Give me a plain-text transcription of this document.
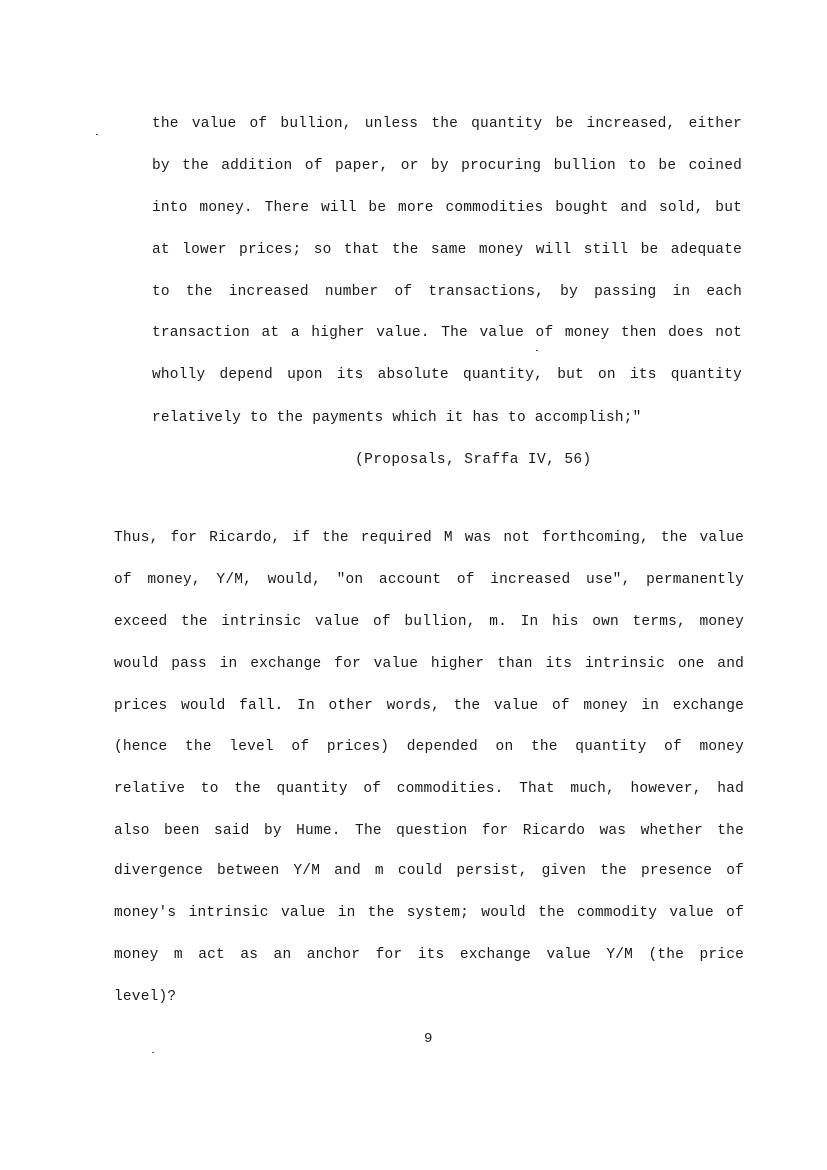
the value of bullion, unless the quantity be increased, either
by the addition of paper, or by procuring bullion to be coined
into money. There will be more commodities bought and sold, but
at lower prices; so that the same money will still be adequate
to the increased number of transactions, by passing in each
transaction at a higher value. The value of money then does not
wholly depend upon its absolute quantity, but on its quantity
relatively to the payments which it has to accomplish;"
(Proposals, Sraffa IV, 56)
Thus, for Ricardo, if the required M was not forthcoming, the value
of money, Y/M, would, "on account of increased use", permanently
exceed the intrinsic value of bullion, m. In his own terms, money
would pass in exchange for value higher than its intrinsic one and
prices would fall. In other words, the value of money in exchange
(hence the level of prices) depended on the quantity of money
relative to the quantity of commodities. That much, however, had
also been said by Hume. The question for Ricardo was whether the
divergence between Y/M and m could persist, given the presence of
money's intrinsic value in the system; would the commodity value of
money m act as an anchor for its exchange value Y/M (the price
level)?
9
